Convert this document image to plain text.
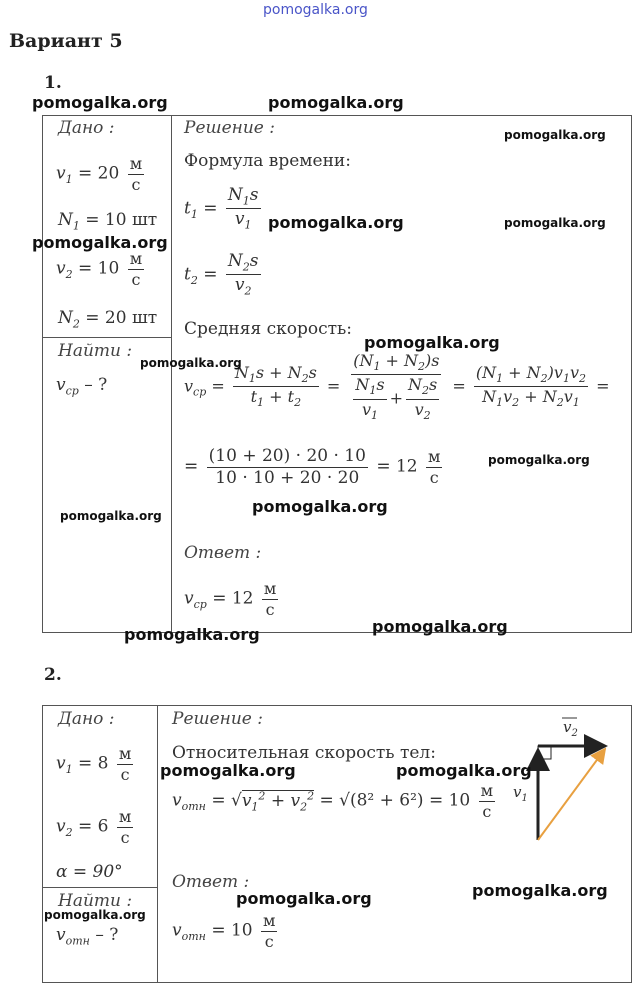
pomogalka.org
Вариант 5
1.
Дано :
$v_1 = 20 \frac{м}{с}$
$N_1 = 10$ шт
$v_2 = 10 \frac{м}{с}$
$N_2 = 20$ шт
Найти :
$v_{ср}$ – ?
Решение :
Формула времени:
$t_1 = \frac{N_1s}{v_1}$
$t_2 = \frac{N_2s}{v_2}$
Средняя скорость:
$v_{ср} = \frac{N_1s + N_2s}{t_1 + t_2} = \frac{(N_1 + N_2)s}{\frac{N_1s}{v_1} + \frac{N_2s}{v_2}} = \frac{(N_1 + N_2)v_1v_2}{N_1v_2 + N_2v_1}$ =
= $\frac{(10 + 20) \cdot 20 \cdot 10}{10 \cdot 10 + 20 \cdot 20} = 12 \frac{м}{с}$
Ответ :
$v_{ср} = 12 \frac{м}{с}$
2.
Дано :
$v_1 = 8 \frac{м}{с}$
$v_2 = 6 \frac{м}{с}$
α = 90°
Найти :
$v_{отн}$ – ?
Решение :
Относительная скорость тел:
$v_{отн} = √v_1^2 + v_2^2 = √(8^2 + 6^2) = 10 \frac{м}{с}$
Ответ :
$v_{отн} = 10 \frac{м}{с}$
$v_2$
$v_1$
pomogalka.org	pomogalka.org
pomogalka.org
pomogalka.org	pomogalka.org
pomogalka.org
pomogalka.org
pomogalka.org
pomogalka.org
pomogalka.org
pomogalka.org
pomogalka.org
pomogalka.org
pomogalka.org	pomogalka.org
pomogalka.org
pomogalka.org
pomogalka.org
